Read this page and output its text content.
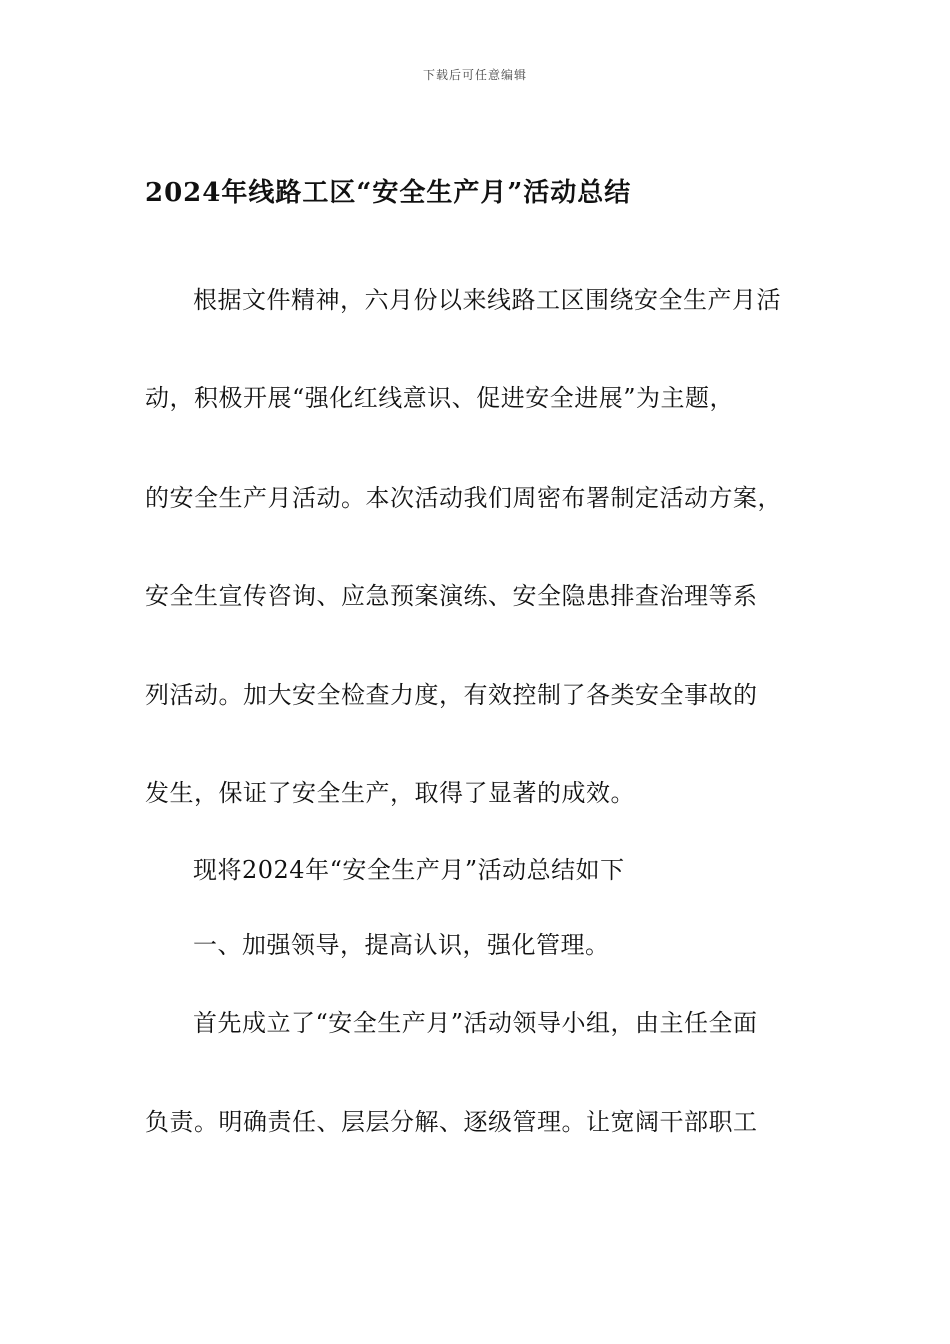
下载后可任意编辑
2024年线路工区“安全生产月”活动总结
根据文件精神，六月份以来线路工区围绕安全生产月活
动，积极开展“强化红线意识、促进安全进展”为主题，
的安全生产月活动。本次活动我们周密布署制定活动方案，
安全生宣传咨询、应急预案演练、安全隐患排查治理等系
列活动。加大安全检查力度，有效控制了各类安全事故的
发生，保证了安全生产，取得了显著的成效。
现将2024年“安全生产月”活动总结如下
一、加强领导，提高认识，强化管理。
首先成立了“安全生产月”活动领导小组，由主任全面
负责。明确责任、层层分解、逐级管理。让宽阔干部职工
